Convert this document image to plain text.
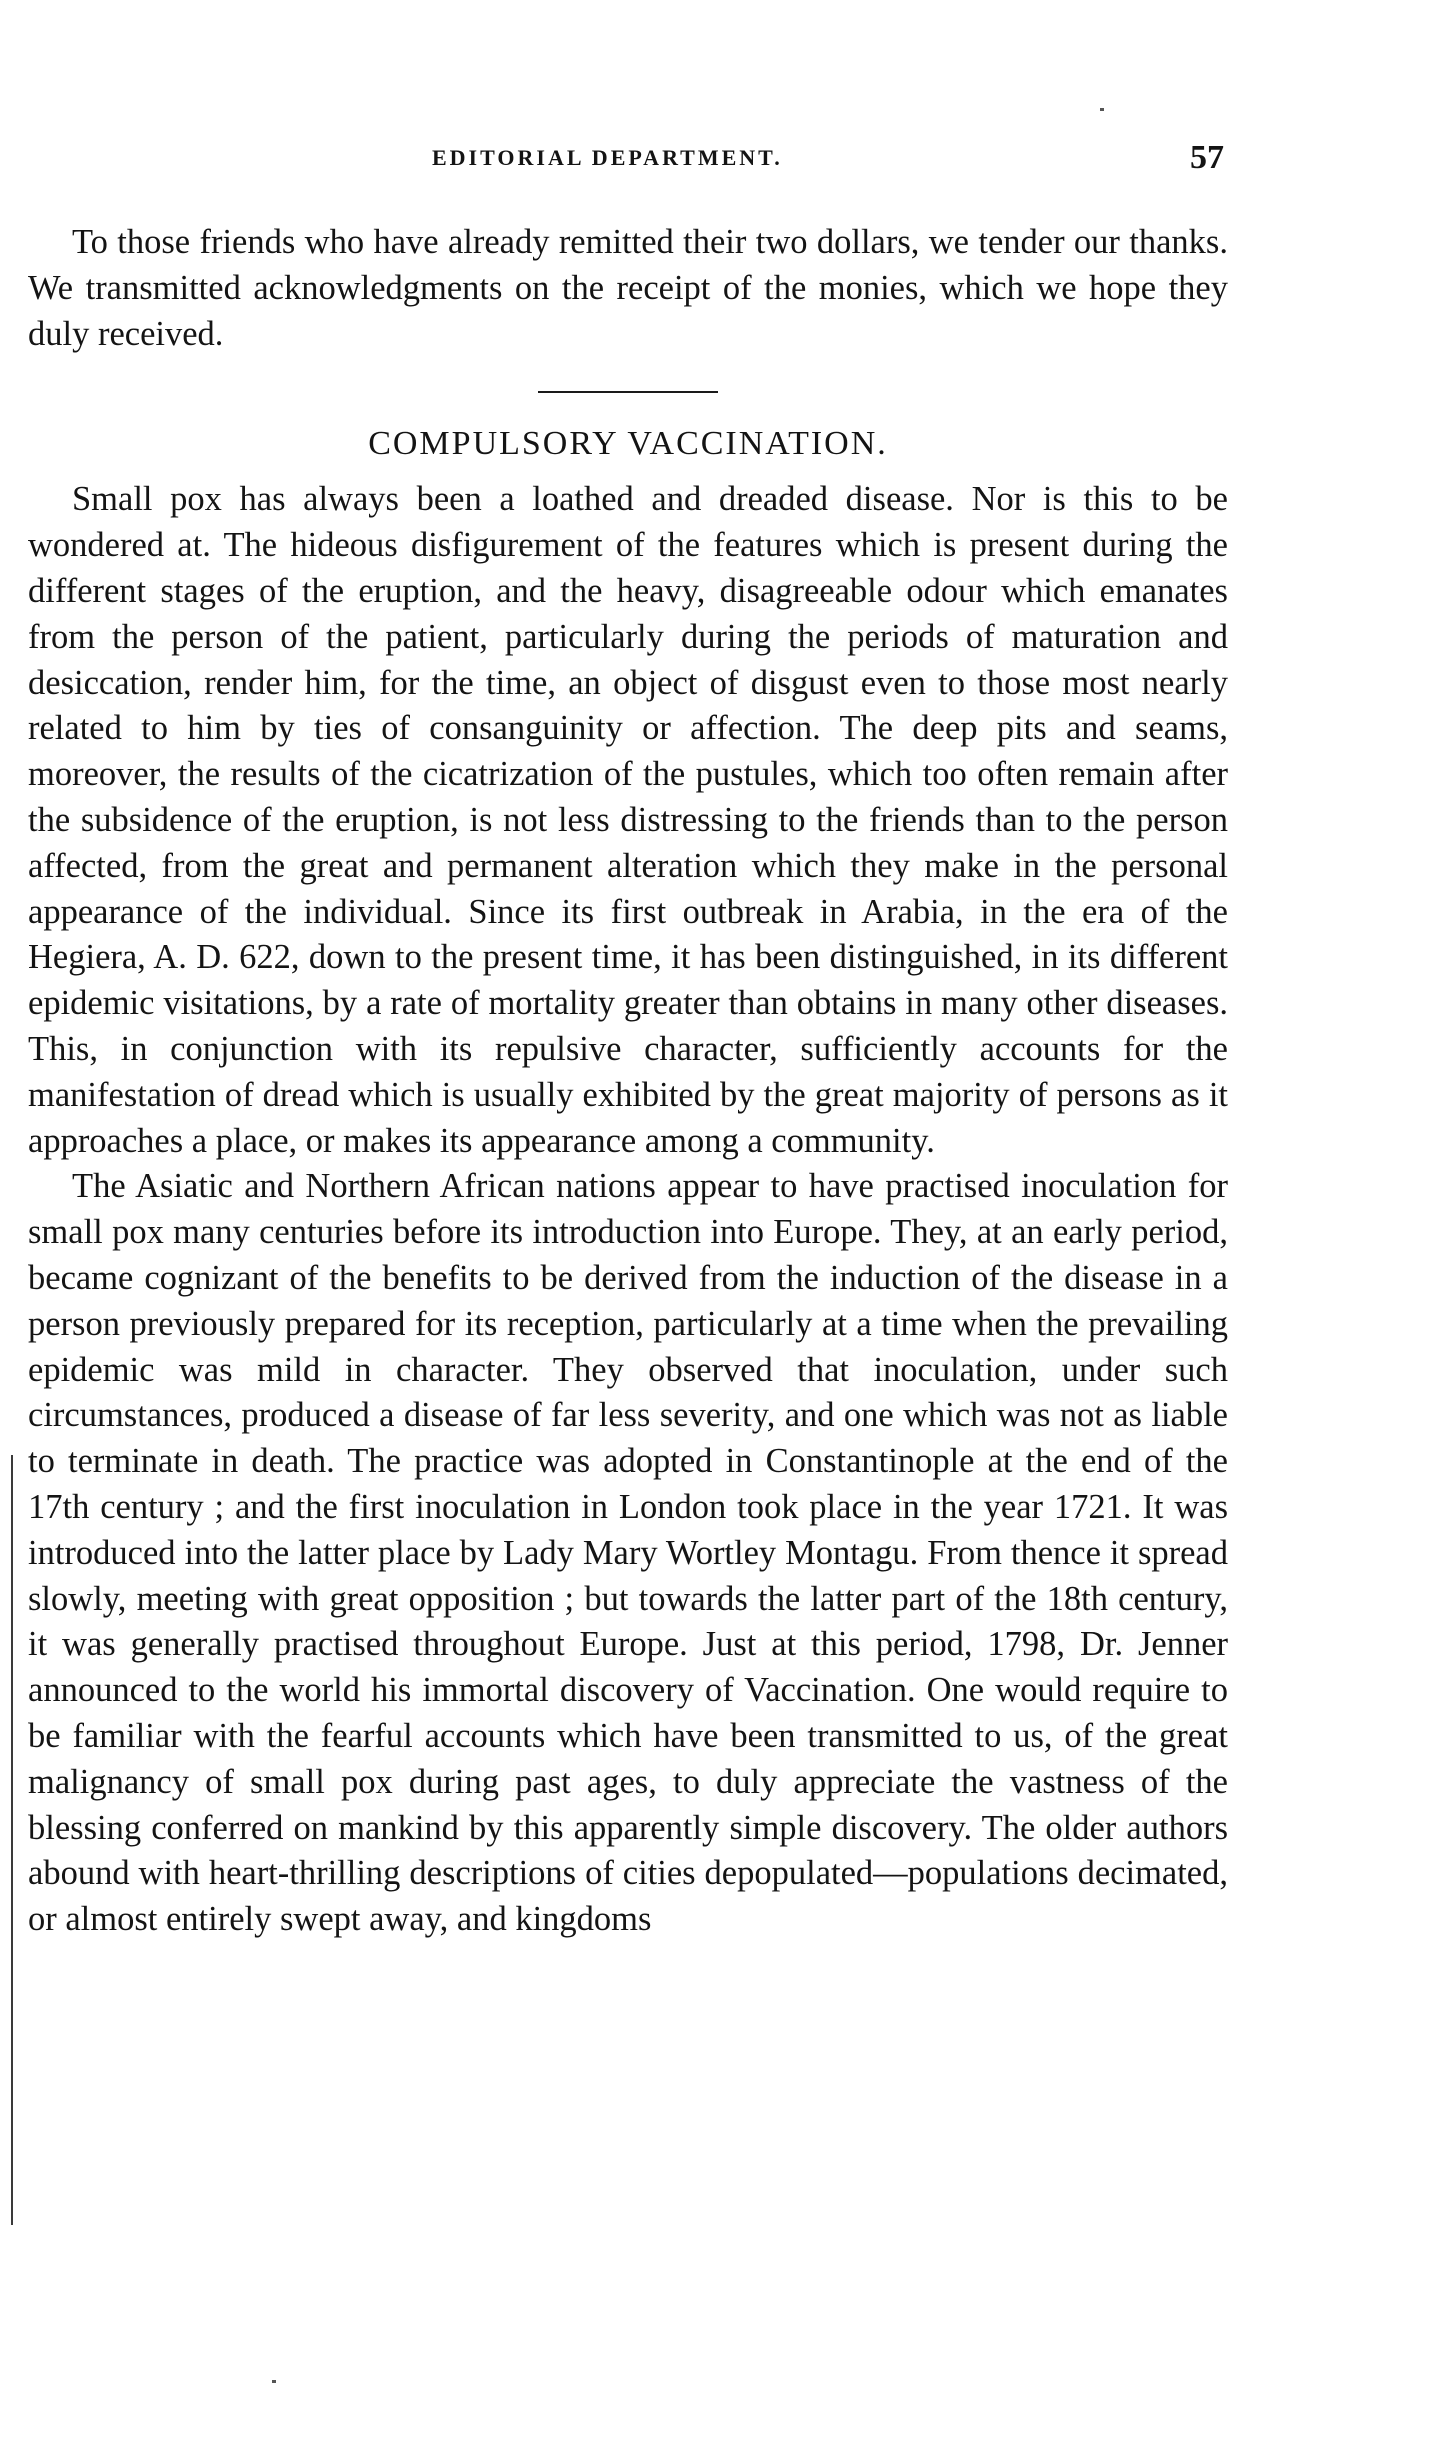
EDITORIAL DEPARTMENT.	57

To those friends who have already remitted their two dollars, we tender our thanks. We transmitted acknowledgments on the receipt of the monies, which we hope they duly received.

COMPULSORY VACCINATION.

Small pox has always been a loathed and dreaded disease. Nor is this to be wondered at. The hideous disfigurement of the features which is present during the different stages of the eruption, and the heavy, disagreeable odour which emanates from the person of the patient, particularly during the periods of maturation and desiccation, render him, for the time, an object of disgust even to those most nearly related to him by ties of consanguinity or affection. The deep pits and seams, moreover, the results of the cicatrization of the pustules, which too often remain after the subsidence of the eruption, is not less distressing to the friends than to the person affected, from the great and permanent alteration which they make in the personal appearance of the individual. Since its first outbreak in Arabia, in the era of the Hegiera, A. D. 622, down to the present time, it has been distinguished, in its different epidemic visitations, by a rate of mortality greater than obtains in many other diseases. This, in conjunction with its repulsive character, sufficiently accounts for the manifestation of dread which is usually exhibited by the great majority of persons as it approaches a place, or makes its appearance among a community.

The Asiatic and Northern African nations appear to have practised inoculation for small pox many centuries before its introduction into Europe. They, at an early period, became cognizant of the benefits to be derived from the induction of the disease in a person previously prepared for its reception, particularly at a time when the prevailing epidemic was mild in character. They observed that inoculation, under such circumstances, produced a disease of far less severity, and one which was not as liable to terminate in death. The practice was adopted in Constantinople at the end of the 17th century ; and the first inoculation in London took place in the year 1721. It was introduced into the latter place by Lady Mary Wortley Montagu. From thence it spread slowly, meeting with great opposition ; but towards the latter part of the 18th century, it was generally practised throughout Europe. Just at this period, 1798, Dr. Jenner announced to the world his immortal discovery of Vaccination. One would require to be familiar with the fearful accounts which have been transmitted to us, of the great malignancy of small pox during past ages, to duly appreciate the vastness of the blessing conferred on mankind by this apparently simple discovery. The older authors abound with heart-thrilling descriptions of cities depopulated—populations decimated, or almost entirely swept away, and kingdoms
